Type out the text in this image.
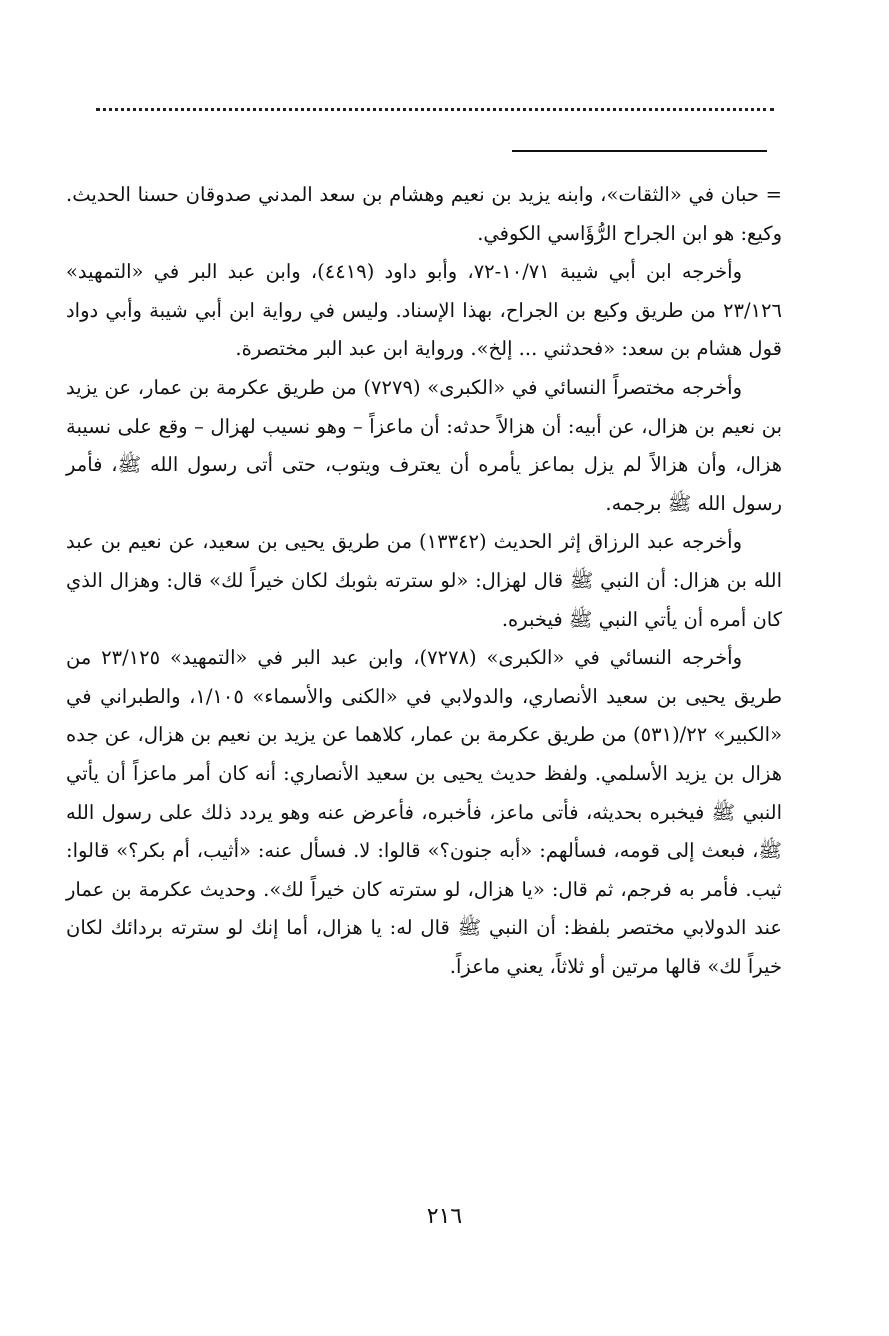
= حبان في «الثقات»، وابنه يزيد بن نعيم وهشام بن سعد المدني صدوقان حسنا الحديث. وكيع: هو ابن الجراح الرُّؤَاسي الكوفي.

وأخرجه ابن أبي شيبة ١٠/٧١-٧٢، وأبو داود (٤٤١٩)، وابن عبد البر في «التمهيد» ٢٣/١٢٦ من طريق وكيع بن الجراح، بهذا الإسناد. وليس في رواية ابن أبي شيبة وأبي دواد قول هشام بن سعد: «فحدثني ... إلخ». ورواية ابن عبد البر مختصرة.

وأخرجه مختصراً النسائي في «الكبرى» (٧٢٧٩) من طريق عكرمة بن عمار، عن يزيد بن نعيم بن هزال، عن أبيه: أن هزالاً حدثه: أن ماعزاً – وهو نسيب لهزال – وقع على نسيبة هزال، وأن هزالاً لم يزل بماعز يأمره أن يعترف ويتوب، حتى أتى رسول الله ﷺ، فأمر رسول الله ﷺ برجمه.

وأخرجه عبد الرزاق إثر الحديث (١٣٣٤٢) من طريق يحيى بن سعيد، عن نعيم بن عبد الله بن هزال: أن النبي ﷺ قال لهزال: «لو سترته بثوبك لكان خيراً لك» قال: وهزال الذي كان أمره أن يأتي النبي ﷺ فيخبره.

وأخرجه النسائي في «الكبرى» (٧٢٧٨)، وابن عبد البر في «التمهيد» ٢٣/١٢٥ من طريق يحيى بن سعيد الأنصاري، والدولابي في «الكنى والأسماء» ١/١٠٥، والطبراني في «الكبير» ٢٢/(٥٣١) من طريق عكرمة بن عمار، كلاهما عن يزيد بن نعيم بن هزال، عن جده هزال بن يزيد الأسلمي. ولفظ حديث يحيى بن سعيد الأنصاري: أنه كان أمر ماعزاً أن يأتي النبي ﷺ فيخبره بحديثه، فأتى ماعز، فأخبره، فأعرض عنه وهو يردد ذلك على رسول الله ﷺ، فبعث إلى قومه، فسألهم: «أبه جنون؟» قالوا: لا. فسأل عنه: «أثيب، أم بكر؟» قالوا: ثيب. فأمر به فرجم، ثم قال: «يا هزال، لو سترته كان خيراً لك». وحديث عكرمة بن عمار عند الدولابي مختصر بلفظ: أن النبي ﷺ قال له: يا هزال، أما إنك لو سترته بردائك لكان خيراً لك» قالها مرتين أو ثلاثاً، يعني ماعزاً.

٢١٦
